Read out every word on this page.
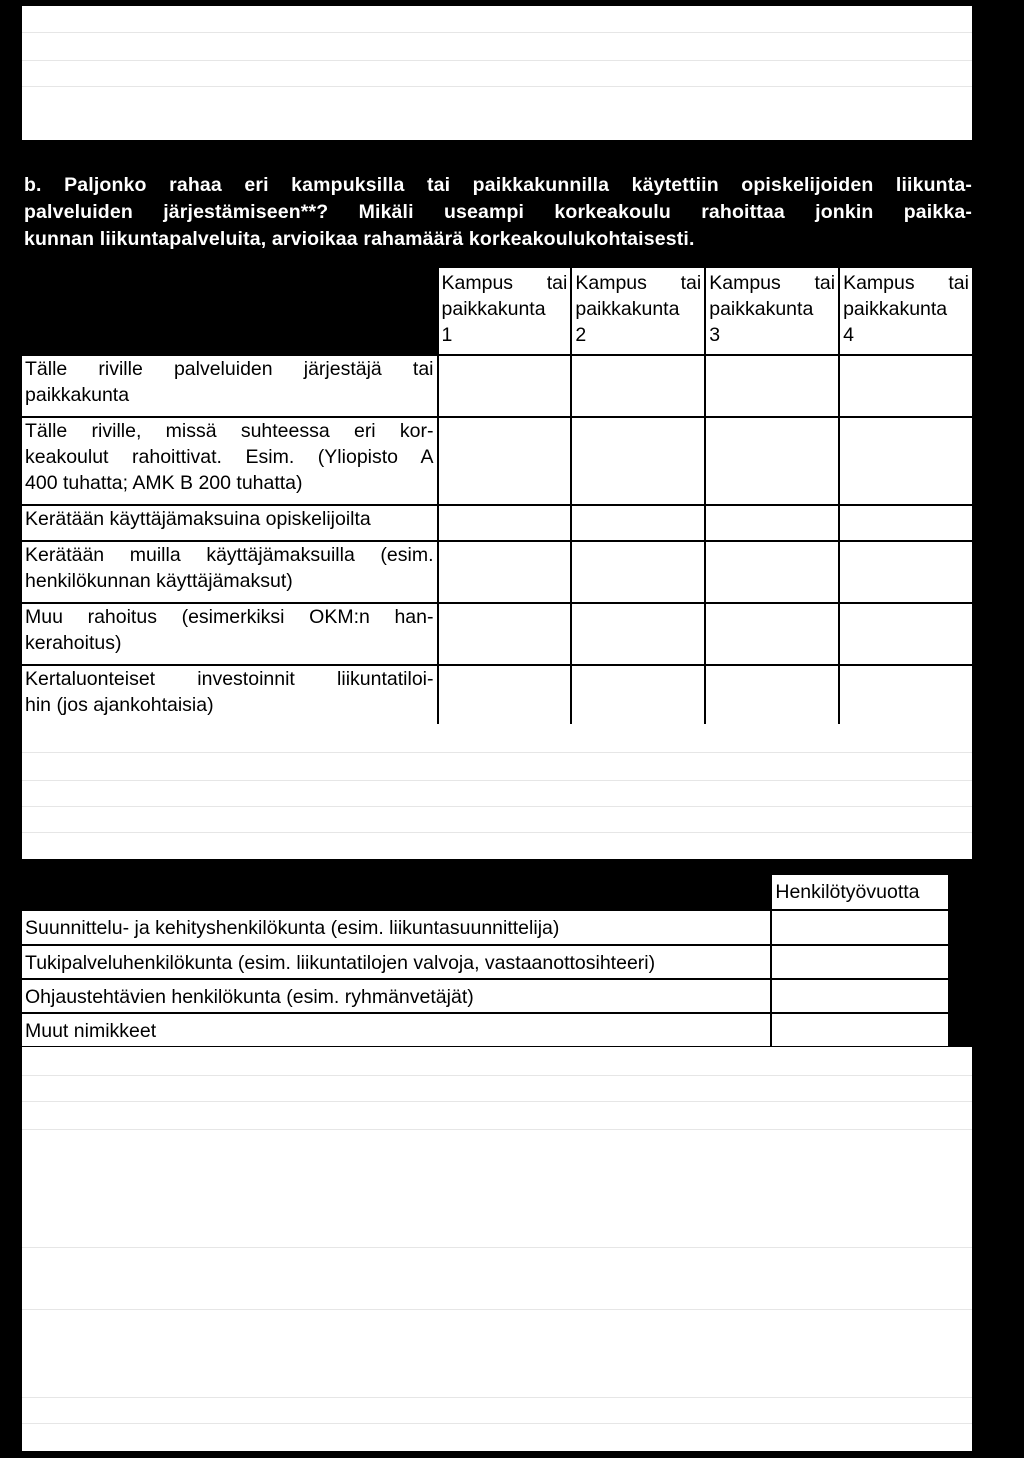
b. Paljonko rahaa eri kampuksilla tai paikkakunnilla käytettiin opiskelijoiden liikunta-
palveluiden järjestämiseen**? Mikäli useampi korkeakoulu rahoittaa jonkin paikka-
kunnan liikuntapalveluita, arvioikaa rahamäärä korkeakoulukohtaisesti.

	Kampus tai
paikkakunta
1	Kampus tai
paikkakunta
2	Kampus tai
paikkakunta
3	Kampus tai
paikkakunta
4

Tälle riville palveluiden järjestäjä tai
paikkakunta				

Tälle riville, missä suhteessa eri kor-
keakoulut rahoittivat. Esim. (Yliopisto A
400 tuhatta; AMK B 200 tuhatta)				

Kerätään käyttäjämaksuina opiskelijoilta				

Kerätään muilla käyttäjämaksuilla (esim.
henkilökunnan käyttäjämaksut)				

Muu rahoitus (esimerkiksi OKM:n han-
kerahoitus)				

Kertaluonteiset investoinnit liikuntatiloi-
hin (jos ajankohtaisia)				

	Henkilötyövuotta
Suunnittelu- ja kehityshenkilökunta (esim. liikuntasuunnittelija)	
Tukipalveluhenkilökunta (esim. liikuntatilojen valvoja, vastaanottosihteeri)	
Ohjaustehtävien henkilökunta (esim. ryhmänvetäjät)	
Muut nimikkeet	
